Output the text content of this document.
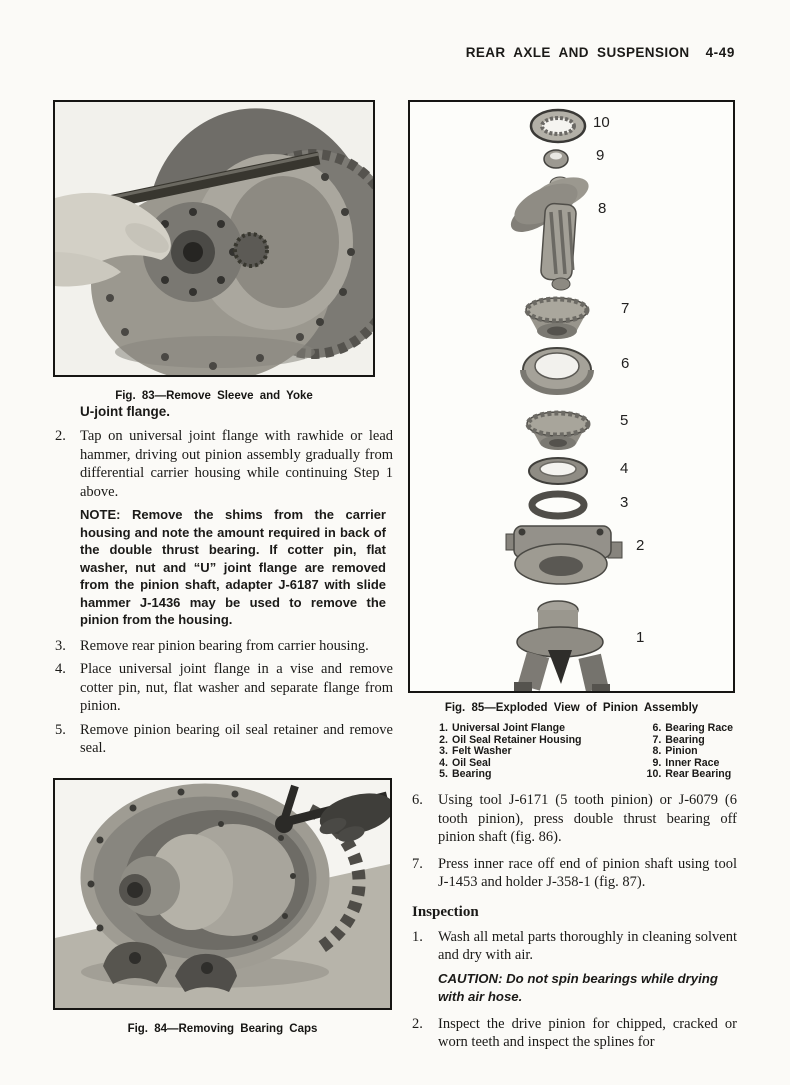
REAR AXLE AND SUSPENSION 4-49
Fig. 83—Remove Sleeve and Yoke
U-joint flange.
2. Tap on universal joint flange with rawhide or lead hammer, driving out pinion assembly gradually from differential carrier housing while continuing Step 1 above.
NOTE: Remove the shims from the carrier housing and note the amount required in back of the double thrust bearing. If cotter pin, flat washer, nut and “U” joint flange are removed from the pinion shaft, adapter J-6187 with slide hammer J-1436 may be used to remove the pinion from the housing.
3. Remove rear pinion bearing from carrier housing.
4. Place universal joint flange in a vise and remove cotter pin, nut, flat washer and separate flange from pinion.
5. Remove pinion bearing oil seal retainer and remove seal.
Fig. 84—Removing Bearing Caps
10
9
8
7
6
5
4
3
2
1
Fig. 85—Exploded View of Pinion Assembly
1. Universal Joint Flange
2. Oil Seal Retainer Housing
3. Felt Washer
4. Oil Seal
5. Bearing
6. Bearing Race
7. Bearing
8. Pinion
9. Inner Race
10. Rear Bearing
6.	Using tool J-6171 (5 tooth pinion) or J-6079 (6 tooth pinion), press double thrust bearing off pinion shaft (fig. 86).
7.	Press inner race off end of pinion shaft using tool J-1453 and holder J-358-1 (fig. 87).
Inspection
1.	Wash all metal parts thoroughly in cleaning solvent and dry with air.
CAUTION: Do not spin bearings while drying with air hose.
2.	Inspect the drive pinion for chipped, cracked or worn teeth and inspect the splines for
